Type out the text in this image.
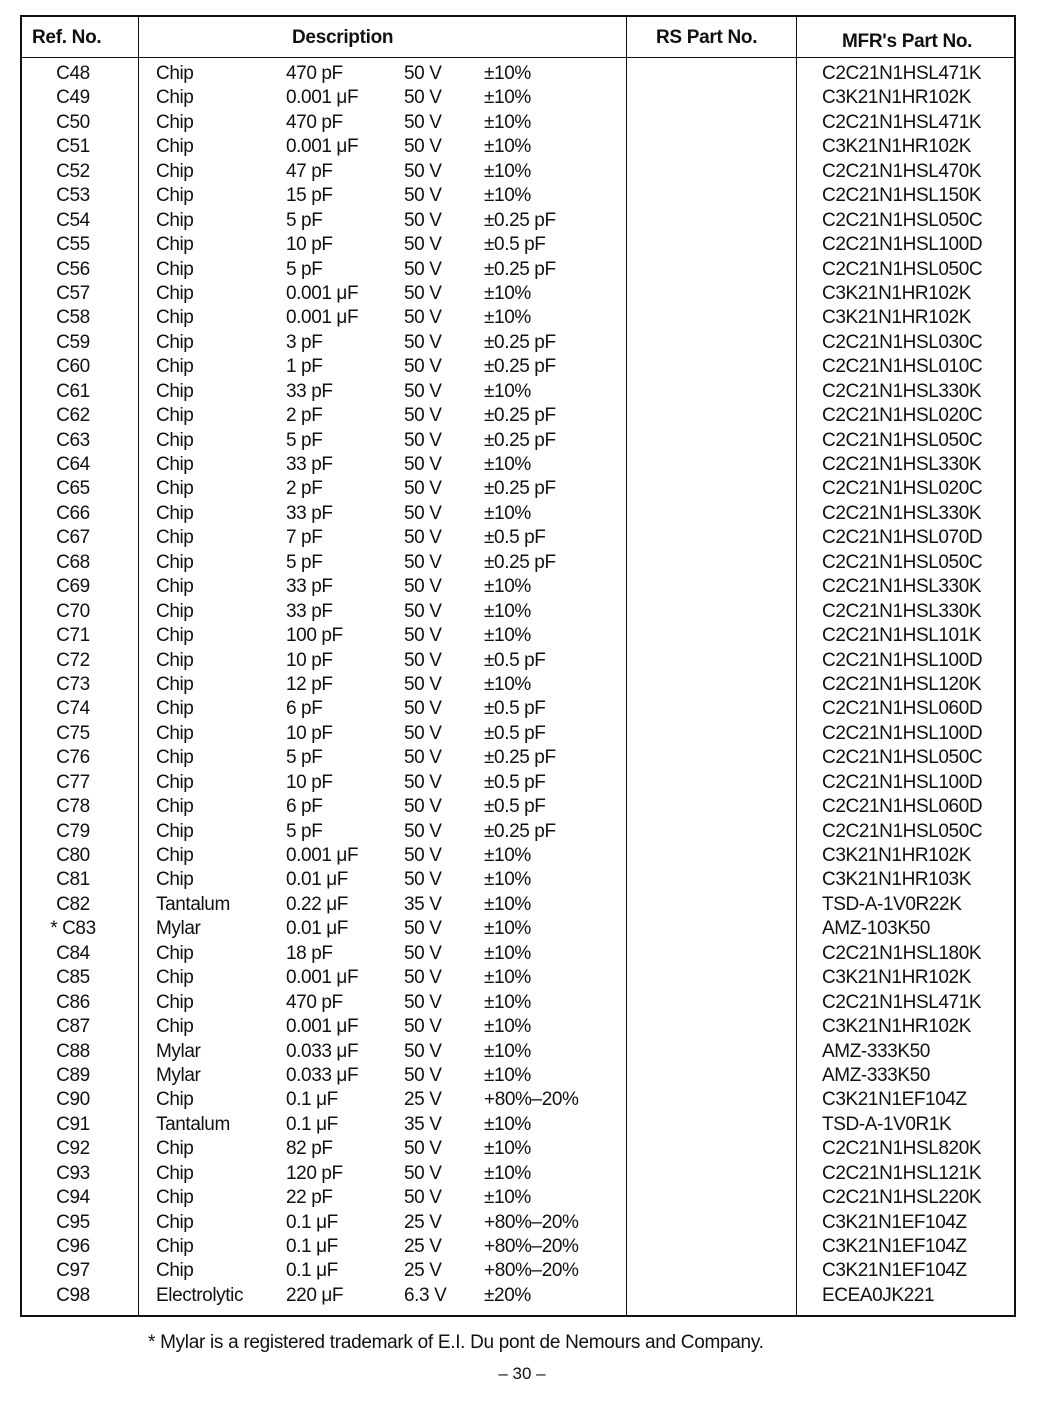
Ref. No.	Description	RS Part No.	MFR's Part No.
C48	Chip	470 pF	50 V ±10%	C2C21N1HSL471K
C49	Chip	0.001 μF 50 V ±10%	C3K21N1HR102K
C50	Chip	470 pF	50 V ±10%	C2C21N1HSL471K
C51	Chip	0.001 μF 50 V ±10%	C3K21N1HR102K
C52	Chip	47 pF	50 V ±10%	C2C21N1HSL470K
C53	Chip	15 pF	50 V ±10%	C2C21N1HSL150K
C54	Chip	5 pF	50 V ±0.25 pF	C2C21N1HSL050C
C55	Chip	10 pF	50 V ±0.5 pF	C2C21N1HSL100D
C56	Chip	5 pF	50 V ±0.25 pF	C2C21N1HSL050C
C57	Chip	0.001 μF 50 V ±10%	C3K21N1HR102K
C58	Chip	0.001 μF 50 V ±10%	C3K21N1HR102K
C59	Chip	3 pF	50 V ±0.25 pF	C2C21N1HSL030C
C60	Chip	1 pF	50 V ±0.25 pF	C2C21N1HSL010C
C61	Chip	33 pF	50 V ±10%	C2C21N1HSL330K
C62	Chip	2 pF	50 V ±0.25 pF	C2C21N1HSL020C
C63	Chip	5 pF	50 V ±0.25 pF	C2C21N1HSL050C
C64	Chip	33 pF	50 V ±10%	C2C21N1HSL330K
C65	Chip	2 pF	50 V ±0.25 pF	C2C21N1HSL020C
C66	Chip	33 pF	50 V ±10%	C2C21N1HSL330K
C67	Chip	7 pF	50 V ±0.5 pF	C2C21N1HSL070D
C68	Chip	5 pF	50 V ±0.25 pF	C2C21N1HSL050C
C69	Chip	33 pF	50 V ±10%	C2C21N1HSL330K
C70	Chip	33 pF	50 V ±10%	C2C21N1HSL330K
C71	Chip	100 pF	50 V ±10%	C2C21N1HSL101K
C72	Chip	10 pF	50 V ±0.5 pF	C2C21N1HSL100D
C73	Chip	12 pF	50 V ±10%	C2C21N1HSL120K
C74	Chip	6 pF	50 V ±0.5 pF	C2C21N1HSL060D
C75	Chip	10 pF	50 V ±0.5 pF	C2C21N1HSL100D
C76	Chip	5 pF	50 V ±0.25 pF	C2C21N1HSL050C
C77	Chip	10 pF	50 V ±0.5 pF	C2C21N1HSL100D
C78	Chip	6 pF	50 V ±0.5 pF	C2C21N1HSL060D
C79	Chip	5 pF	50 V ±0.25 pF	C2C21N1HSL050C
C80	Chip	0.001 μF 50 V ±10%	C3K21N1HR102K
C81	Chip	0.01 μF	50 V ±10%	C3K21N1HR103K
C82	Tantalum	0.22 μF	35 V ±10%	TSD-A-1V0R22K
* C83	Mylar	0.01 μF	50 V ±10%	AMZ-103K50
C84	Chip	18 pF	50 V ±10%	C2C21N1HSL180K
C85	Chip	0.001 μF 50 V ±10%	C3K21N1HR102K
C86	Chip	470 pF	50 V ±10%	C2C21N1HSL471K
C87	Chip	0.001 μF 50 V ±10%	C3K21N1HR102K
C88	Mylar	0.033 μF 50 V ±10%	AMZ-333K50
C89	Mylar	0.033 μF 50 V ±10%	AMZ-333K50
C90	Chip	0.1 μF	25 V +80%–20%	C3K21N1EF104Z
C91	Tantalum	0.1 μF	35 V ±10%	TSD-A-1V0R1K
C92	Chip	82 pF	50 V ±10%	C2C21N1HSL820K
C93	Chip	120 pF	50 V ±10%	C2C21N1HSL121K
C94	Chip	22 pF	50 V ±10%	C2C21N1HSL220K
C95	Chip	0.1 μF	25 V +80%–20%	C3K21N1EF104Z
C96	Chip	0.1 μF	25 V +80%–20%	C3K21N1EF104Z
C97	Chip	0.1 μF	25 V +80%–20%	C3K21N1EF104Z
C98	Electrolytic 220 μF	6.3 V ±20%	ECEA0JK221
* Mylar is a registered trademark of E.I. Du pont de Nemours and Company.
– 30 –
